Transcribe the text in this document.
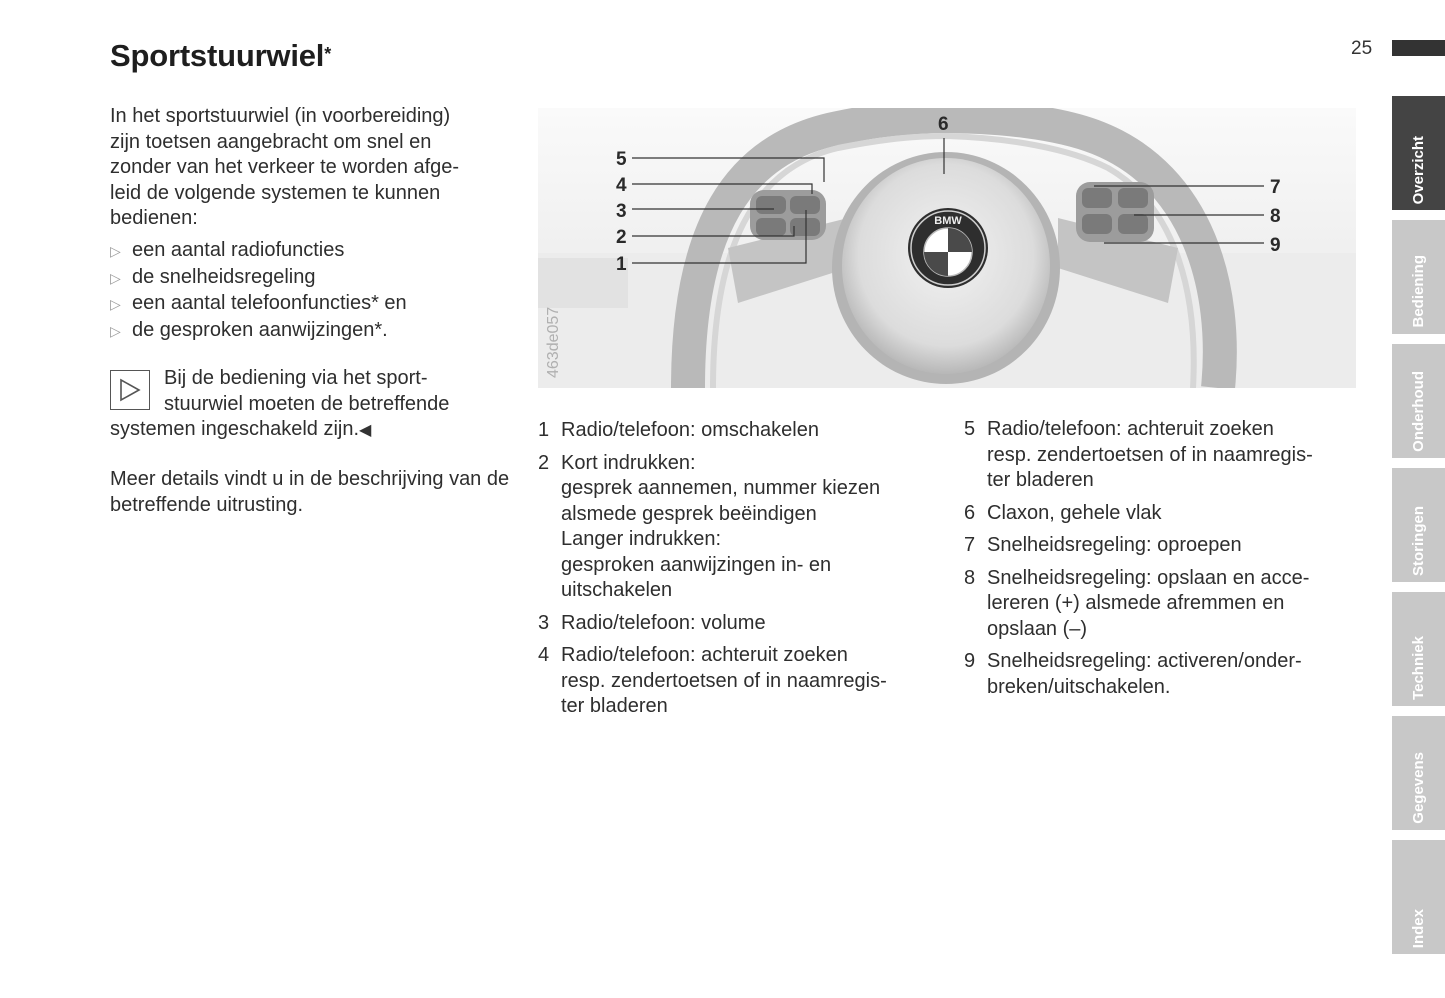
Sportstuurwiel*	25
Overzicht
Bediening
Onderhoud
Storingen
Techniek
Gegevens
Index
In het sportstuurwiel (in voorbereiding)
zijn toetsen aangebracht om snel en
zonder van het verkeer te worden afge-
leid de volgende systemen te kunnen
bedienen:
▷ een aantal radiofuncties
▷ de snelheidsregeling
▷ een aantal telefoonfuncties* en
▷ de gesproken aanwijzingen*.
Bij de bediening via het sport- stuurwiel moeten de betreffende systemen ingeschakeld zijn.◀
Meer details vindt u in de beschrijving van de betreffende uitrusting.
BMW
463de057
5
4
3
2
1
6
7
8
9
1 Radio/telefoon: omschakelen
2 Kort indrukken:
gesprek aannemen, nummer kiezen
alsmede gesprek beëindigen
Langer indrukken:
gesproken aanwijzingen in- en
uitschakelen
3 Radio/telefoon: volume
4 Radio/telefoon: achteruit zoeken
resp. zendertoetsen of in naamregis-
ter bladeren
5 Radio/telefoon: achteruit zoeken
resp. zendertoetsen of in naamregis-
ter bladeren
6 Claxon, gehele vlak
7 Snelheidsregeling: oproepen
8 Snelheidsregeling: opslaan en acce-
lereren (+) alsmede afremmen en
opslaan (–)
9 Snelheidsregeling: activeren/onder-
breken/uitschakelen.
